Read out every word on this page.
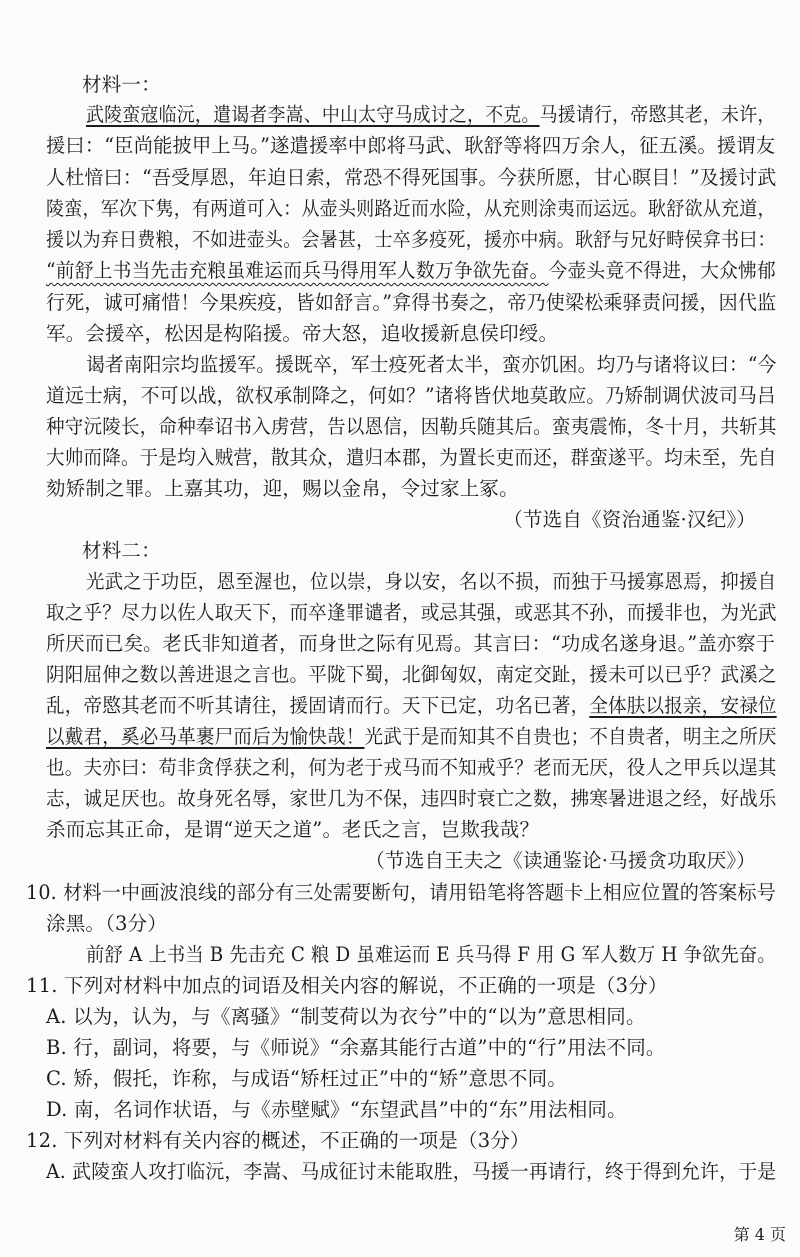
材料一：
武陵蛮寇临沅，遣谒者李嵩、中山太守马成讨之，不克。马援请行，帝愍其老，未许，
援曰：“臣尚能披甲上马。”遂遣援率中郎将马武、耿舒等将四万余人，征五溪。援谓友
人杜愔曰：“吾受厚恩，年迫日索，常恐不得死国事。今获所愿，甘心瞑目！”及援讨武
陵蛮，军次下隽，有两道可入：从壶头则路近而水险，从充则涂夷而运远。耿舒欲从充道，
援以为弃日费粮，不如进壶头。会暑甚，士卒多疫死，援亦中病。耿舒与兄好畤侯弇书曰：
“前舒上书当先击充粮虽难运而兵马得用军人数万争欲先奋。今壶头竟不得进，大众怫郁
行死，诚可痛惜！今果疾疫，皆如舒言。”弇得书奏之，帝乃使梁松乘驿责问援，因代监
军。会援卒，松因是构陷援。帝大怒，追收援新息侯印绶。
谒者南阳宗均监援军。援既卒，军士疫死者太半，蛮亦饥困。均乃与诸将议曰：“今
道远士病，不可以战，欲权承制降之，何如？”诸将皆伏地莫敢应。乃矫制调伏波司马吕
种守沅陵长，命种奉诏书入虏营，告以恩信，因勒兵随其后。蛮夷震怖，冬十月，共斩其
大帅而降。于是均入贼营，散其众，遣归本郡，为置长吏而还，群蛮遂平。均未至，先自
劾矫制之罪。上嘉其功，迎，赐以金帛，令过家上冢。
（节选自《资治通鉴·汉纪》）
材料二：
光武之于功臣，恩至渥也，位以崇，身以安，名以不损，而独于马援寡恩焉，抑援自
取之乎？尽力以佐人取天下，而卒逢罪谴者，或忌其强，或恶其不孙，而援非也，为光武
所厌而已矣。老氏非知道者，而身世之际有见焉。其言曰：“功成名遂身退。”盖亦察于
阴阳屈伸之数以善进退之言也。平陇下蜀，北御匈奴，南定交趾，援未可以已乎？武溪之
乱，帝愍其老而不听其请往，援固请而行。天下已定，功名已著，全体肤以报亲，安禄位
以戴君，奚必马革裹尸而后为愉快哉！光武于是而知其不自贵也；不自贵者，明主之所厌
也。夫亦曰：苟非贪俘获之利，何为老于戎马而不知戒乎？老而无厌，役人之甲兵以逞其
志，诚足厌也。故身死名辱，家世几为不保，违四时衰亡之数，拂寒暑进退之经，好战乐
杀而忘其正命，是谓“逆天之道”。老氏之言，岂欺我哉？
（节选自王夫之《读通鉴论·马援贪功取厌》）
10. 材料一中画波浪线的部分有三处需要断句，请用铅笔将答题卡上相应位置的答案标号
涂黑。（3分）
前舒 A 上书当 B 先击充 C 粮 D 虽难运而 E 兵马得 F 用 G 军人数万 H 争欲先奋。
11. 下列对材料中加点的词语及相关内容的解说，不正确的一项是（3分）
A. 以为，认为，与《离骚》“制芰荷以为衣兮”中的“以为”意思相同。
B. 行，副词，将要，与《师说》“余嘉其能行古道”中的“行”用法不同。
C. 矫，假托，诈称，与成语“矫枉过正”中的“矫”意思不同。
D. 南，名词作状语，与《赤壁赋》“东望武昌”中的“东”用法相同。
12. 下列对材料有关内容的概述，不正确的一项是（3分）
A. 武陵蛮人攻打临沅，李嵩、马成征讨未能取胜，马援一再请行，终于得到允许，于是
第 4 页
